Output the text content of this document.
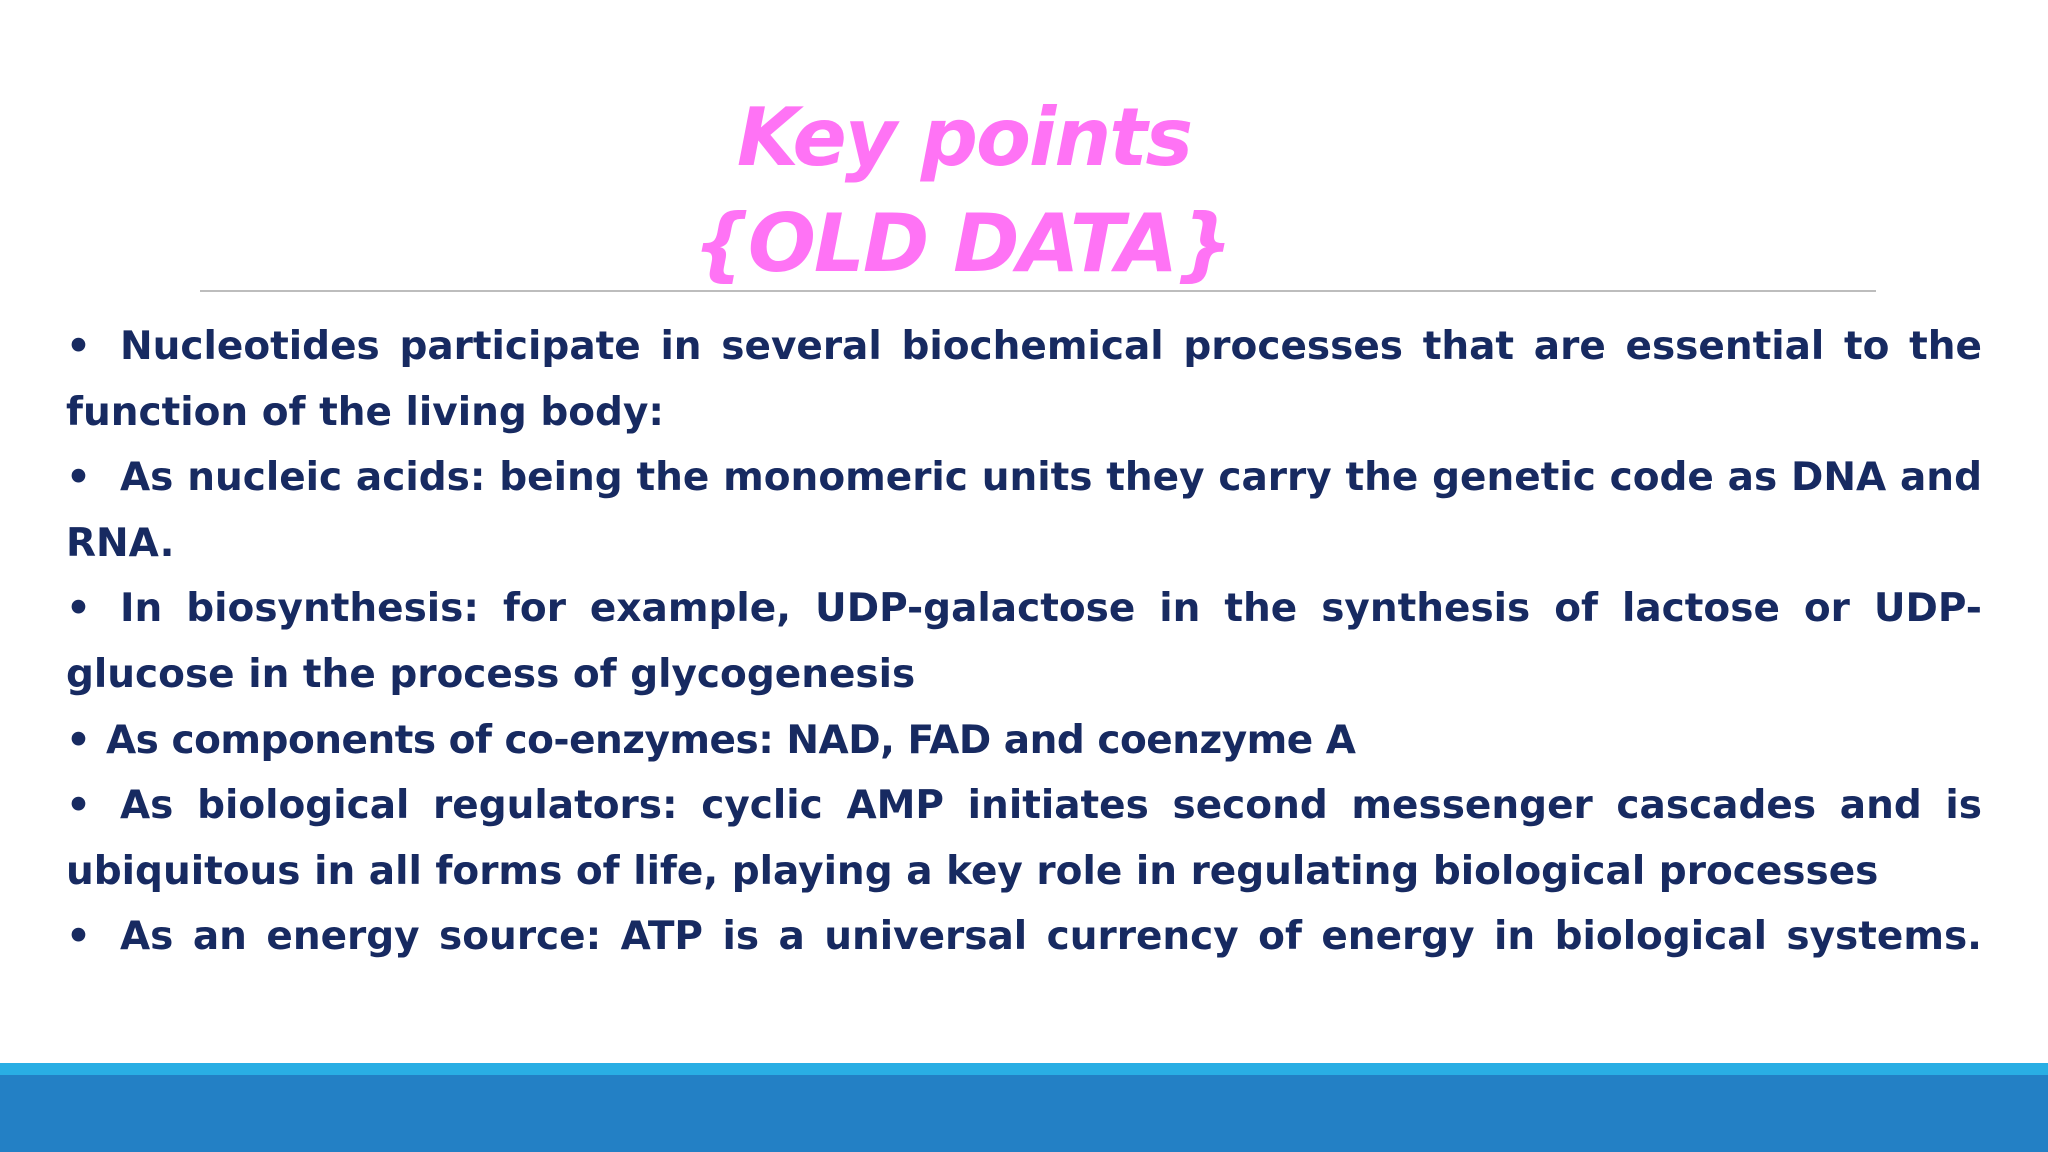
Key points
{OLD DATA}

• Nucleotides participate in several biochemical processes that are essential to the function of the living body:

• As nucleic acids: being the monomeric units they carry the genetic code as DNA and RNA.

• In biosynthesis: for example, UDP-galactose in the synthesis of lactose or UDP-glucose in the process of glycogenesis

• As components of co-enzymes: NAD, FAD and coenzyme A

• As biological regulators: cyclic AMP initiates second messenger cascades and is ubiquitous in all forms of life, playing a key role in regulating biological processes

• As an energy source: ATP is a universal currency of energy in biological systems.
